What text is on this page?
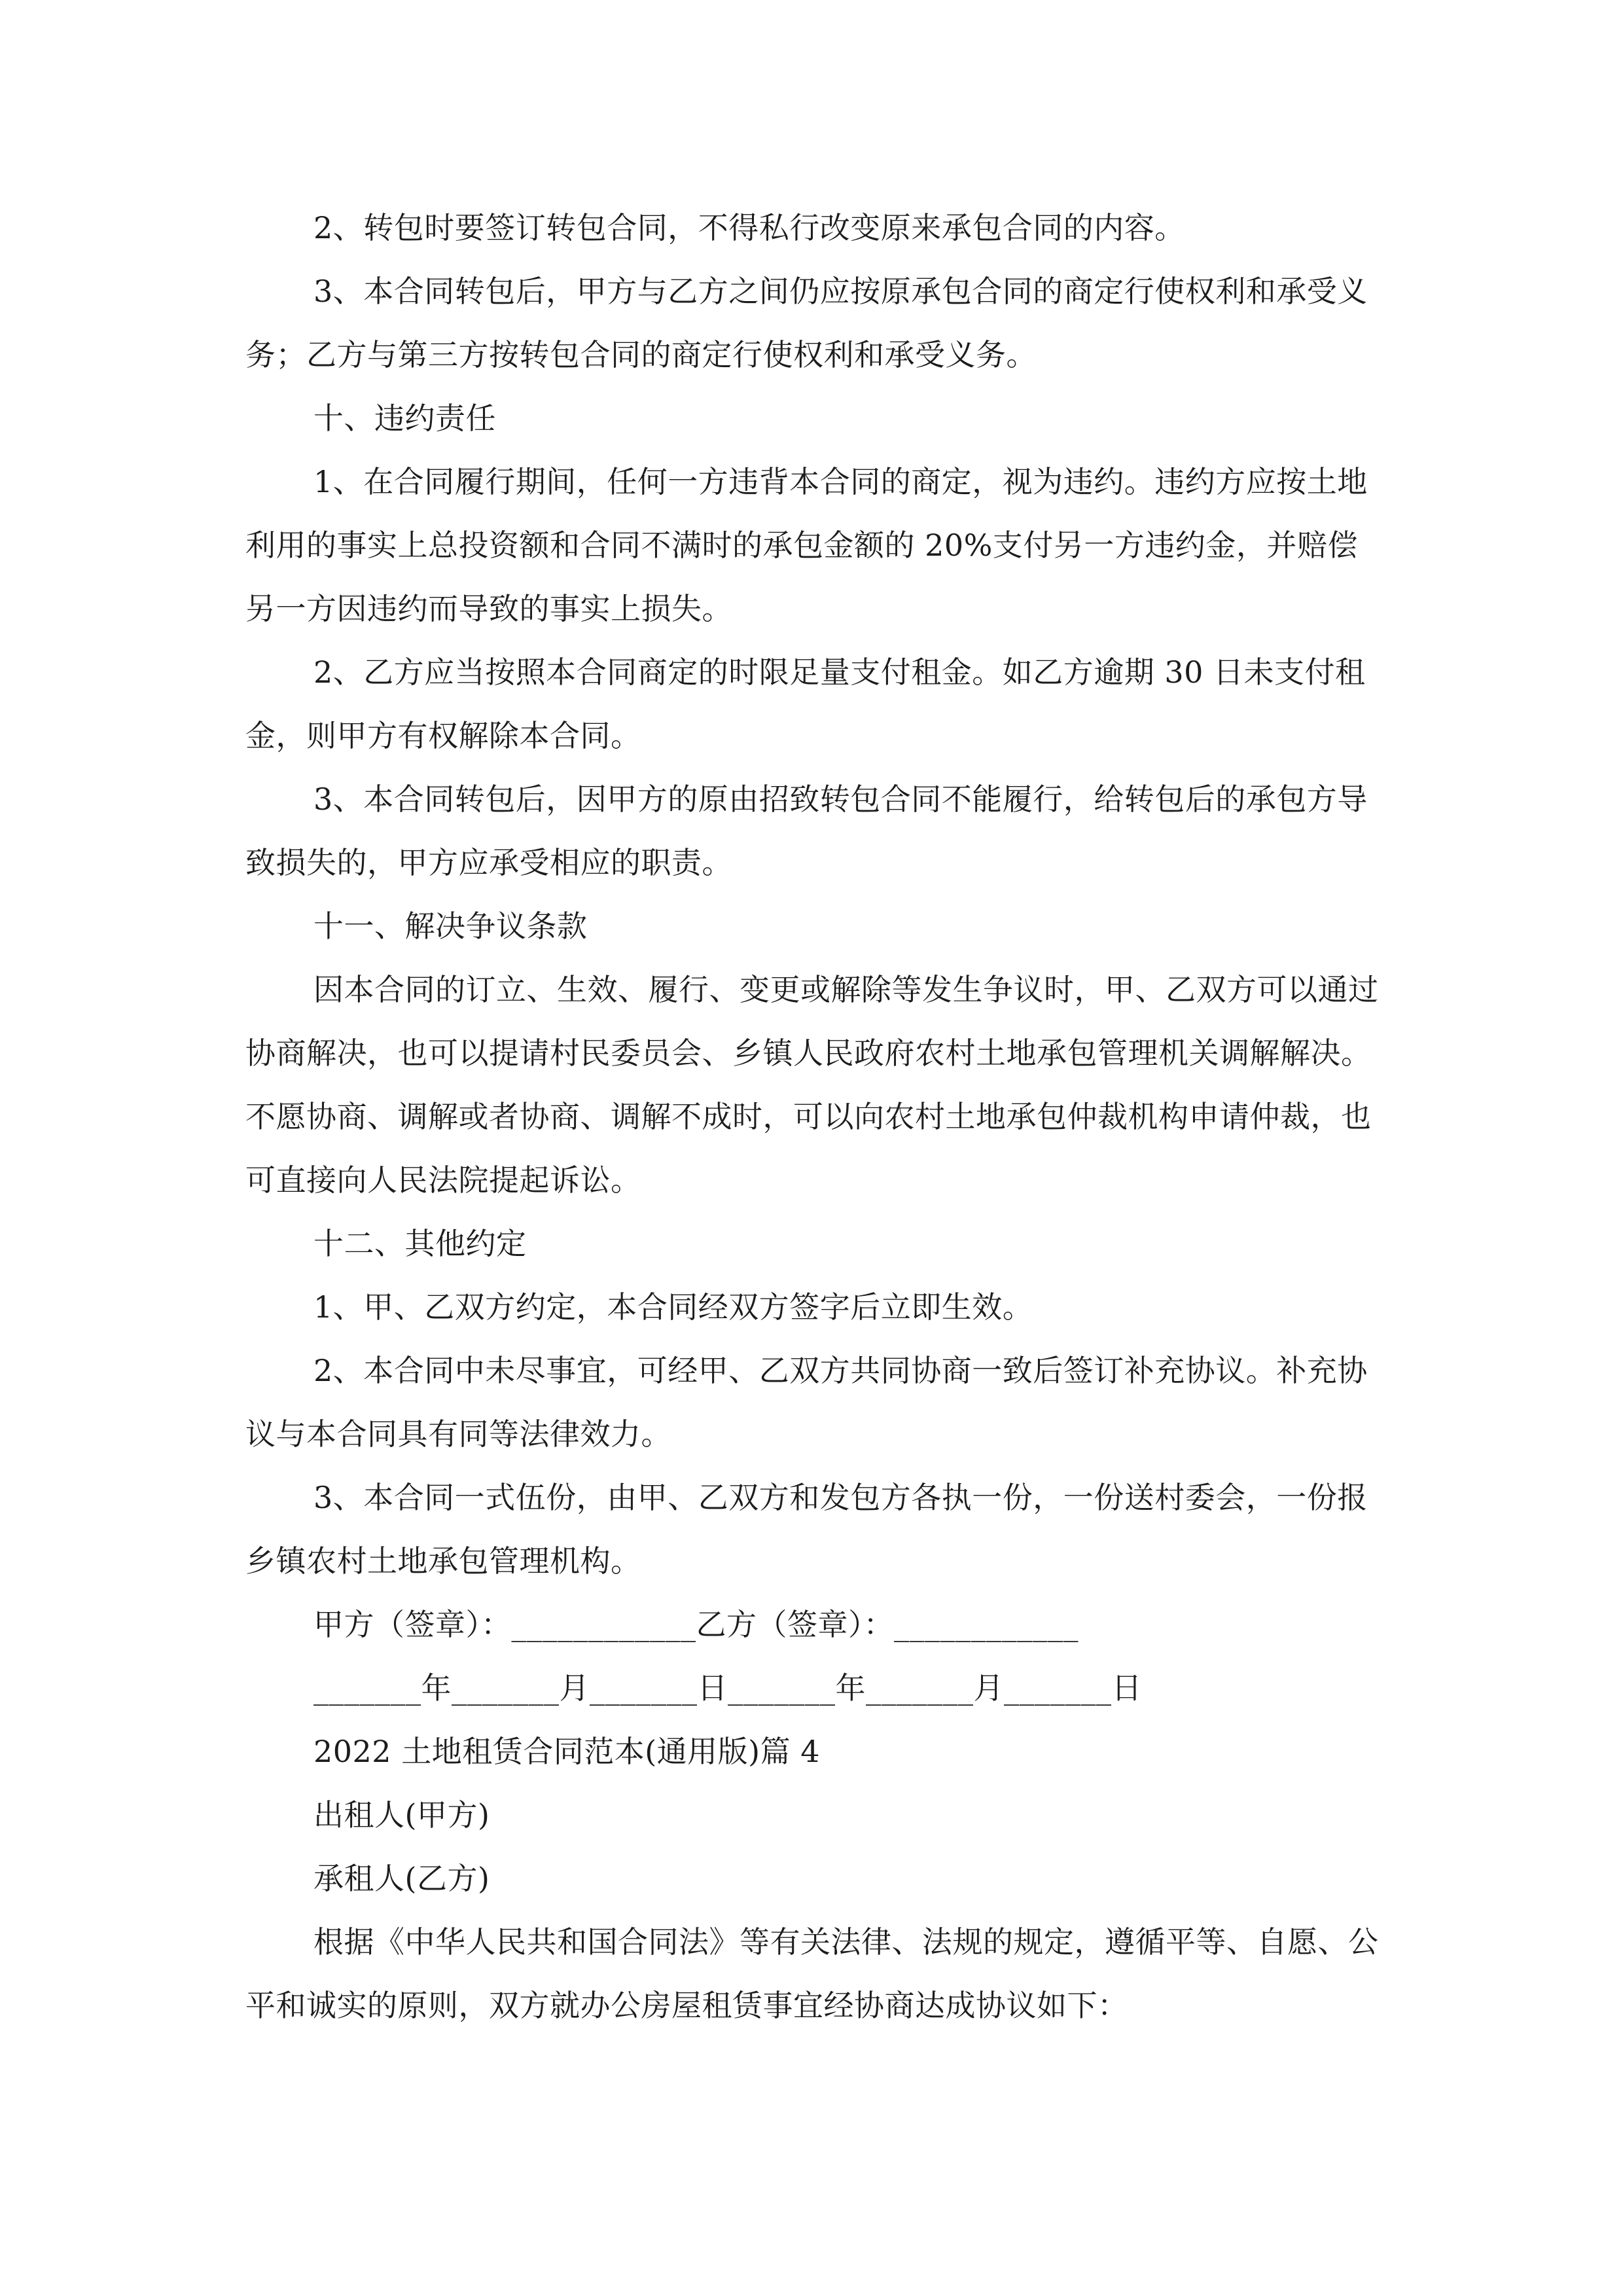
2、转包时要签订转包合同，不得私行改变原来承包合同的内容。

3、本合同转包后，甲方与乙方之间仍应按原承包合同的商定行使权利和承受义务；乙方与第三方按转包合同的商定行使权利和承受义务。

十、违约责任

1、在合同履行期间，任何一方违背本合同的商定，视为违约。违约方应按土地利用的事实上总投资额和合同不满时的承包金额的 20%支付另一方违约金，并赔偿另一方因违约而导致的事实上损失。

2、乙方应当按照本合同商定的时限足量支付租金。如乙方逾期 30 日未支付租金，则甲方有权解除本合同。

3、本合同转包后，因甲方的原由招致转包合同不能履行，给转包后的承包方导致损失的，甲方应承受相应的职责。

十一、解决争议条款

因本合同的订立、生效、履行、变更或解除等发生争议时，甲、乙双方可以通过协商解决，也可以提请村民委员会、乡镇人民政府农村土地承包管理机关调解解决。不愿协商、调解或者协商、调解不成时，可以向农村土地承包仲裁机构申请仲裁，也可直接向人民法院提起诉讼。

十二、其他约定

1、甲、乙双方约定，本合同经双方签字后立即生效。

2、本合同中未尽事宜，可经甲、乙双方共同协商一致后签订补充协议。补充协议与本合同具有同等法律效力。

3、本合同一式伍份，由甲、乙双方和发包方各执一份，一份送村委会，一份报乡镇农村土地承包管理机构。

甲方（签章）：____________乙方（签章）：____________

_______年_______月_______日_______年_______月_______日

2022 土地租赁合同范本(通用版)篇 4

出租人(甲方)

承租人(乙方)

根据《中华人民共和国合同法》等有关法律、法规的规定，遵循平等、自愿、公平和诚实的原则，双方就办公房屋租赁事宜经协商达成协议如下：
